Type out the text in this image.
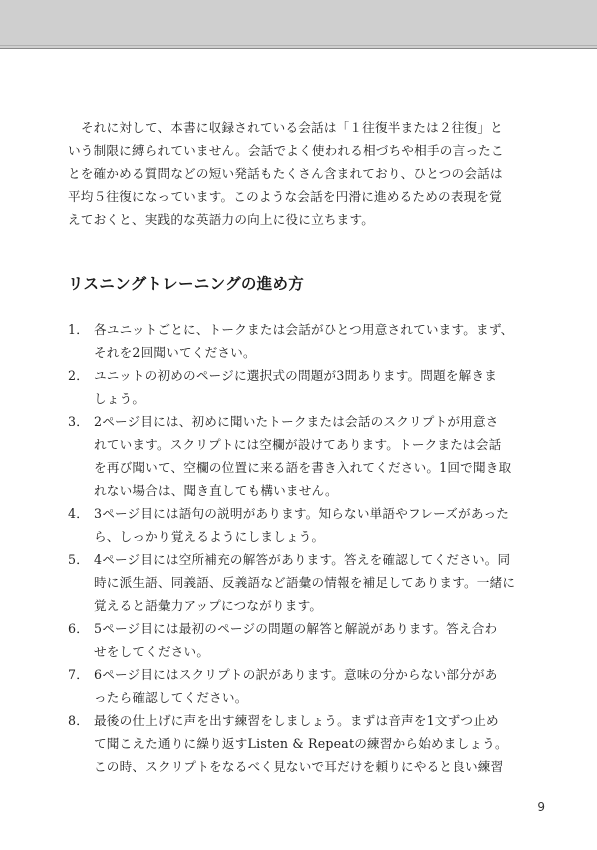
それに対して、本書に収録されている会話は「１往復半または２往復」と
いう制限に縛られていません。会話でよく使われる相づちや相手の言ったこ
とを確かめる質問などの短い発話もたくさん含まれており、ひとつの会話は
平均５往復になっています。このような会話を円滑に進めるための表現を覚
えておくと、実践的な英語力の向上に役に立ちます。
リスニングトレーニングの進め方
1． 各ユニットごとに、トークまたは会話がひとつ用意されています。まず、
それを2回聞いてください。
2． ユニットの初めのページに選択式の問題が3問あります。問題を解きま
しょう。
3． 2ページ目には、初めに聞いたトークまたは会話のスクリプトが用意さ
れています。スクリプトには空欄が設けてあります。トークまたは会話
を再び聞いて、空欄の位置に来る語を書き入れてください。1回で聞き取
れない場合は、聞き直しても構いません。
4． 3ページ目には語句の説明があります。知らない単語やフレーズがあった
ら、しっかり覚えるようにしましょう。
5． 4ページ目には空所補充の解答があります。答えを確認してください。同
時に派生語、同義語、反義語など語彙の情報を補足してあります。一緒に
覚えると語彙力アップにつながります。
6． 5ページ目には最初のページの問題の解答と解説があります。答え合わ
せをしてください。
7． 6ページ目にはスクリプトの訳があります。意味の分からない部分があ
ったら確認してください。
8． 最後の仕上げに声を出す練習をしましょう。まずは音声を1文ずつ止め
て聞こえた通りに繰り返すListen & Repeatの練習から始めましょう。
この時、スクリプトをなるべく見ないで耳だけを頼りにやると良い練習
9
